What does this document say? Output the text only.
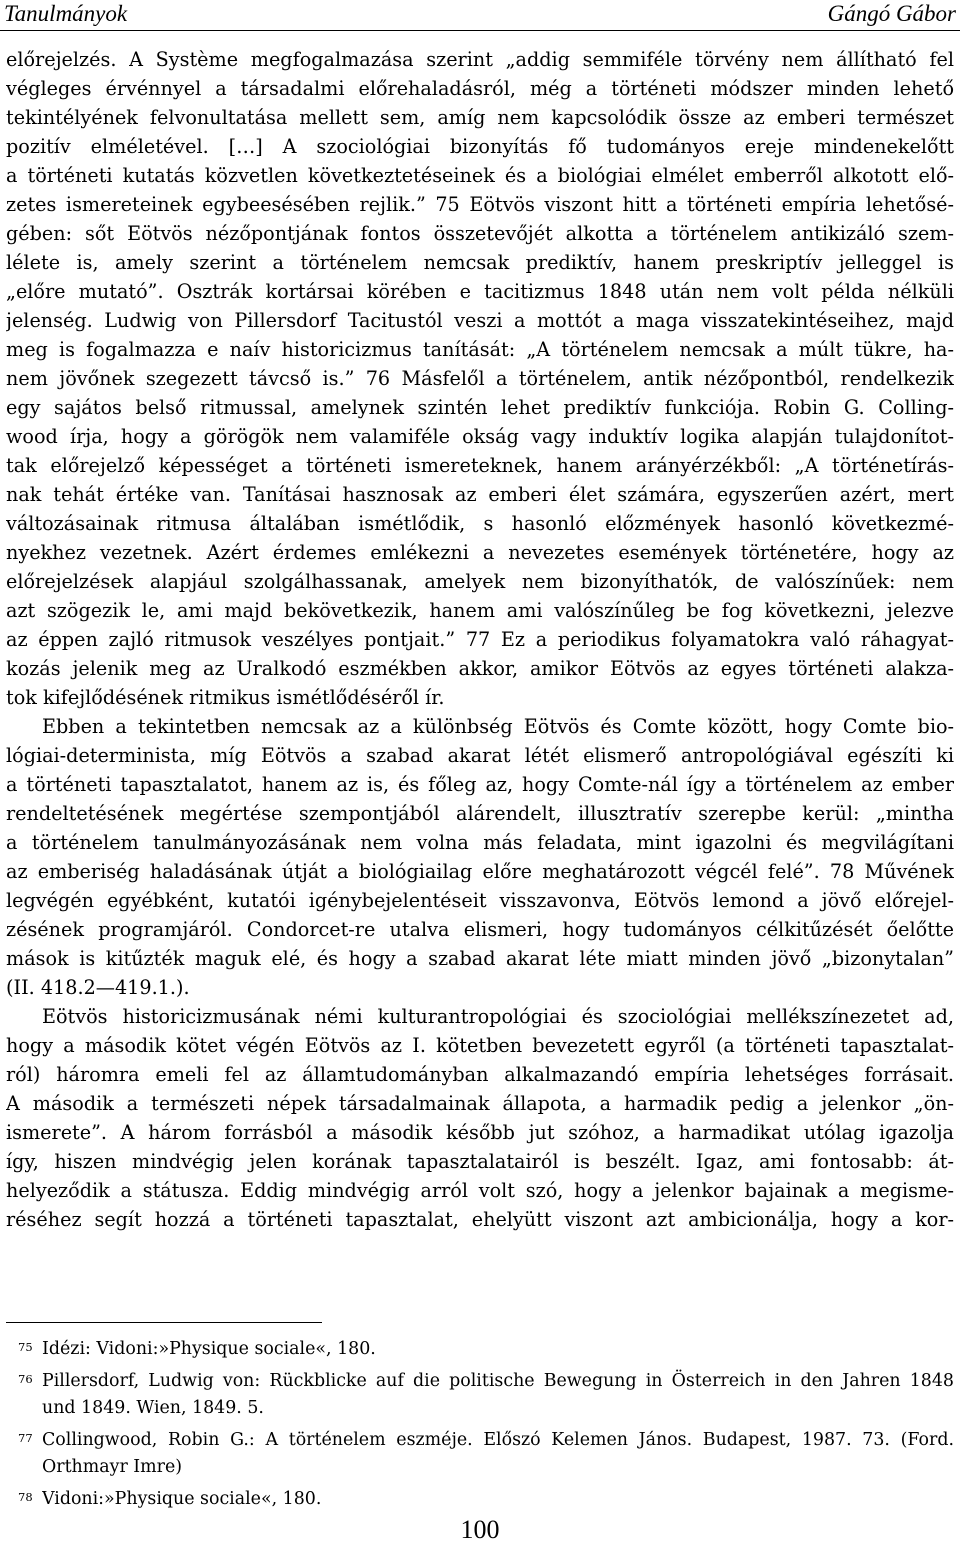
Tanulmányok	Gángó Gábor
előrejelzés. A Système megfogalmazása szerint „addig semmiféle törvény nem állítható fel
végleges érvénnyel a társadalmi előrehaladásról, még a történeti módszer minden lehető
tekintélyének felvonultatása mellett sem, amíg nem kapcsolódik össze az emberi természet
pozitív elméletével. […] A szociológiai bizonyítás fő tudományos ereje mindenekelőtt
a történeti kutatás közvetlen következtetéseinek és a biológiai elmélet emberről alkotott elő-
zetes ismereteinek egybeesésében rejlik.” 75 Eötvös viszont hitt a történeti empíria lehetősé-
gében: sőt Eötvös nézőpontjának fontos összetevőjét alkotta a történelem antikizáló szem-
lélete is, amely szerint a történelem nemcsak prediktív, hanem preskriptív jelleggel is
„előre mutató”. Osztrák kortársai körében e tacitizmus 1848 után nem volt példa nélküli
jelenség. Ludwig von Pillersdorf Tacitustól veszi a mottót a maga visszatekintéseihez, majd
meg is fogalmazza e naív historicizmus tanítását: „A történelem nemcsak a múlt tükre, ha-
nem jövőnek szegezett távcső is.” 76 Másfelől a történelem, antik nézőpontból, rendelkezik
egy sajátos belső ritmussal, amelynek szintén lehet prediktív funkciója. Robin G. Colling-
wood írja, hogy a görögök nem valamiféle okság vagy induktív logika alapján tulajdonítot-
tak előrejelző képességet a történeti ismereteknek, hanem arányérzékből: „A történetírás-
nak tehát értéke van. Tanításai hasznosak az emberi élet számára, egyszerűen azért, mert
változásainak ritmusa általában ismétlődik, s hasonló előzmények hasonló következmé-
nyekhez vezetnek. Azért érdemes emlékezni a nevezetes események történetére, hogy az
előrejelzések alapjául szolgálhassanak, amelyek nem bizonyíthatók, de valószínűek: nem
azt szögezik le, ami majd bekövetkezik, hanem ami valószínűleg be fog következni, jelezve
az éppen zajló ritmusok veszélyes pontjait.” 77 Ez a periodikus folyamatokra való ráhagyat-
kozás jelenik meg az Uralkodó eszmékben akkor, amikor Eötvös az egyes történeti alakza-
tok kifejlődésének ritmikus ismétlődéséről ír.
Ebben a tekintetben nemcsak az a különbség Eötvös és Comte között, hogy Comte bio-
lógiai-determinista, míg Eötvös a szabad akarat létét elismerő antropológiával egészíti ki
a történeti tapasztalatot, hanem az is, és főleg az, hogy Comte-nál így a történelem az ember
rendeltetésének megértése szempontjából alárendelt, illusztratív szerepbe kerül: „mintha
a történelem tanulmányozásának nem volna más feladata, mint igazolni és megvilágítani
az emberiség haladásának útját a biológiailag előre meghatározott végcél felé”. 78 Művének
legvégén egyébként, kutatói igénybejelentéseit visszavonva, Eötvös lemond a jövő előrejel-
zésének programjáról. Condorcet-re utalva elismeri, hogy tudományos célkitűzését őelőtte
mások is kitűzték maguk elé, és hogy a szabad akarat léte miatt minden jövő „bizonytalan”
(II. 418.2—419.1.).
Eötvös historicizmusának némi kulturantropológiai és szociológiai mellékszínezetet ad,
hogy a második kötet végén Eötvös az I. kötetben bevezetett egyről (a történeti tapasztalat-
ról) háromra emeli fel az államtudományban alkalmazandó empíria lehetséges forrásait.
A második a természeti népek társadalmainak állapota, a harmadik pedig a jelenkor „ön-
ismerete”. A három forrásból a második később jut szóhoz, a harmadikat utólag igazolja
így, hiszen mindvégig jelen korának tapasztalatairól is beszélt. Igaz, ami fontosabb: át-
helyeződik a státusza. Eddig mindvégig arról volt szó, hogy a jelenkor bajainak a megisme-
réséhez segít hozzá a történeti tapasztalat, ehelyütt viszont azt ambicionálja, hogy a kor-
75 Idézi: Vidoni:»Physique sociale«, 180.
76 Pillersdorf, Ludwig von: Rückblicke auf die politische Bewegung in Österreich in den Jahren 1848
und 1849. Wien, 1849. 5.
77 Collingwood, Robin G.: A történelem eszméje. Előszó Kelemen János. Budapest, 1987. 73. (Ford.
Orthmayr Imre)
78 Vidoni:»Physique sociale«, 180.
100
